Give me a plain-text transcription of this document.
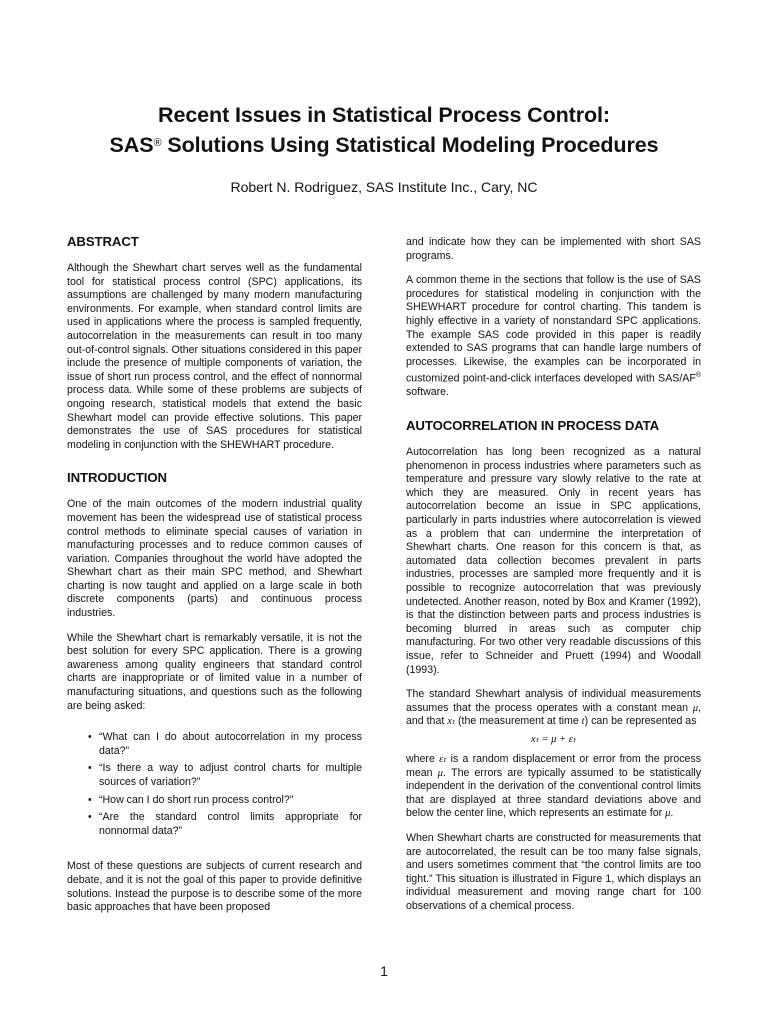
Recent Issues in Statistical Process Control:
SAS® Solutions Using Statistical Modeling Procedures
Robert N. Rodriguez, SAS Institute Inc., Cary, NC
ABSTRACT

Although the Shewhart chart serves well as the fundamental tool for statistical process control (SPC) applications, its assumptions are challenged by many modern manufacturing environments. For example, when standard control limits are used in applications where the process is sampled frequently, autocorrelation in the measurements can result in too many out-of-control signals. Other situations considered in this paper include the presence of multiple components of variation, the issue of short run process control, and the effect of nonnormal process data. While some of these problems are subjects of ongoing research, statistical models that extend the basic Shewhart model can provide effective solutions. This paper demonstrates the use of SAS procedures for statistical modeling in conjunction with the SHEWHART procedure.

INTRODUCTION

One of the main outcomes of the modern industrial quality movement has been the widespread use of statistical process control methods to eliminate special causes of variation in manufacturing processes and to reduce common causes of variation. Companies throughout the world have adopted the Shewhart chart as their main SPC method, and Shewhart charting is now taught and applied on a large scale in both discrete components (parts) and continuous process industries.

While the Shewhart chart is remarkably versatile, it is not the best solution for every SPC application. There is a growing awareness among quality engineers that standard control charts are inappropriate or of limited value in a number of manufacturing situations, and questions such as the following are being asked:

• “What can I do about autocorrelation in my process data?”
• “Is there a way to adjust control charts for multiple sources of variation?”
• “How can I do short run process control?”
• “Are the standard control limits appropriate for nonnormal data?”

Most of these questions are subjects of current research and debate, and it is not the goal of this paper to provide definitive solutions. Instead the purpose is to describe some of the more basic approaches that have been proposed

and indicate how they can be implemented with short SAS programs.

A common theme in the sections that follow is the use of SAS procedures for statistical modeling in conjunction with the SHEWHART procedure for control charting. This tandem is highly effective in a variety of nonstandard SPC applications. The example SAS code provided in this paper is readily extended to SAS programs that can handle large numbers of processes. Likewise, the examples can be incorporated in customized point-and-click interfaces developed with SAS/AF® software.

AUTOCORRELATION IN PROCESS DATA

Autocorrelation has long been recognized as a natural phenomenon in process industries where parameters such as temperature and pressure vary slowly relative to the rate at which they are measured. Only in recent years has autocorrelation become an issue in SPC applications, particularly in parts industries where autocorrelation is viewed as a problem that can undermine the interpretation of Shewhart charts. One reason for this concern is that, as automated data collection becomes prevalent in parts industries, processes are sampled more frequently and it is possible to recognize autocorrelation that was previously undetected. Another reason, noted by Box and Kramer (1992), is that the distinction between parts and process industries is becoming blurred in areas such as computer chip manufacturing. For two other very readable discussions of this issue, refer to Schneider and Pruett (1994) and Woodall (1993).

The standard Shewhart analysis of individual measurements assumes that the process operates with a constant mean μ, and that xₜ (the measurement at time t) can be represented as

xₜ = μ + εₜ

where εₜ is a random displacement or error from the process mean μ. The errors are typically assumed to be statistically independent in the derivation of the conventional control limits that are displayed at three standard deviations above and below the center line, which represents an estimate for μ.

When Shewhart charts are constructed for measurements that are autocorrelated, the result can be too many false signals, and users sometimes comment that “the control limits are too tight.” This situation is illustrated in Figure 1, which displays an individual measurement and moving range chart for 100 observations of a chemical process.

1
